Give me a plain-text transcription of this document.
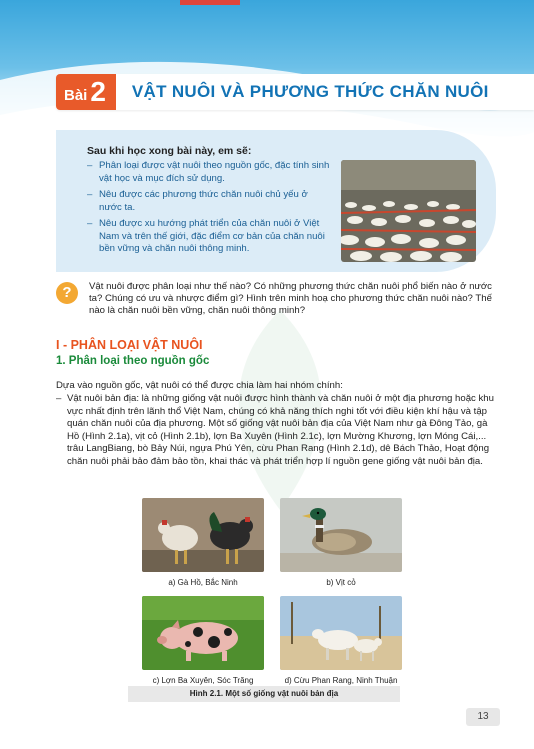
Bài 2 VẬT NUÔI VÀ PHƯƠNG THỨC CHĂN NUÔI
Sau khi học xong bài này, em sẽ:
– Phân loại được vật nuôi theo nguồn gốc, đặc tính sinh vật học và mục đích sử dụng.
– Nêu được các phương thức chăn nuôi chủ yếu ở nước ta.
– Nêu được xu hướng phát triển của chăn nuôi ở Việt Nam và trên thế giới, đặc điểm cơ bản của chăn nuôi bền vững và chăn nuôi thông minh.
?	Vật nuôi được phân loại như thế nào? Có những phương thức chăn nuôi phổ biến nào ở nước ta? Chúng có ưu và nhược điểm gì? Hình trên minh hoạ cho phương thức chăn nuôi nào? Thế nào là chăn nuôi bền vững, chăn nuôi thông minh?
I - PHÂN LOẠI VẬT NUÔI
1. Phân loại theo nguồn gốc
Dựa vào nguồn gốc, vật nuôi có thể được chia làm hai nhóm chính:
– Vật nuôi bản địa: là những giống vật nuôi được hình thành và chăn nuôi ở một địa phương hoặc khu vực nhất định trên lãnh thổ Việt Nam, chúng có khả năng thích nghi tốt với điều kiện khí hậu và tập quán chăn nuôi của địa phương. Một số giống vật nuôi bản địa của Việt Nam như gà Đông Tảo, gà Hồ (Hình 2.1a), vịt cỏ (Hình 2.1b), lợn Ba Xuyên (Hình 2.1c), lợn Mường Khương, lợn Móng Cái,... trâu LangBiang, bò Bảy Núi, ngựa Phú Yên, cừu Phan Rang (Hình 2.1d), dê Bách Thảo, Hoạt động chăn nuôi phải bảo đảm bảo tồn, khai thác và phát triển hợp lí nguồn gene giống vật nuôi bản địa.
a) Gà Hồ, Bắc Ninh	b) Vịt cỏ
c) Lợn Ba Xuyên, Sóc Trăng	d) Cừu Phan Rang, Ninh Thuận
Hình 2.1. Một số giống vật nuôi bản địa
13
